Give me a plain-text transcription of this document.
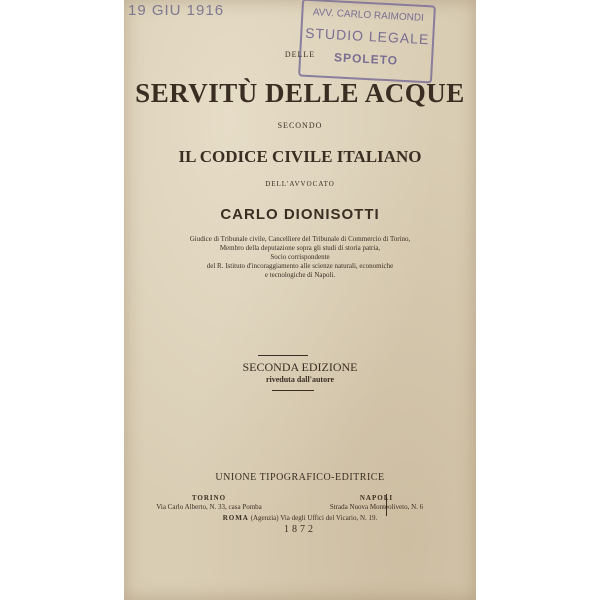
19 GIU 1916	AVV. CARLO RAIMONDI
STUDIO LEGALE
SPOLETO
DELLE
SERVITÙ DELLE ACQUE
SECONDO
IL CODICE CIVILE ITALIANO
DELL'AVVOCATO
CARLO DIONISOTTI
Giudice di Tribunale civile, Cancelliere del Tribunale di Commercio di Torino,
Membro della deputazione sopra gli studi di storia patria,
Socio corrispondente
del R. Istituto d'incoraggiamento alle scienze naturali, economiche
e tecnologiche di Napoli.
SECONDA EDIZIONE
riveduta dall'autore
UNIONE TIPOGRAFICO-EDITRICE
TORINO
Via Carlo Alberto, N. 33, casa Pomba
NAPOLI
Strada Nuova Monteoliveto, N. 6
ROMA (Agenzia) Via degli Uffici del Vicario, N. 19.
1872
